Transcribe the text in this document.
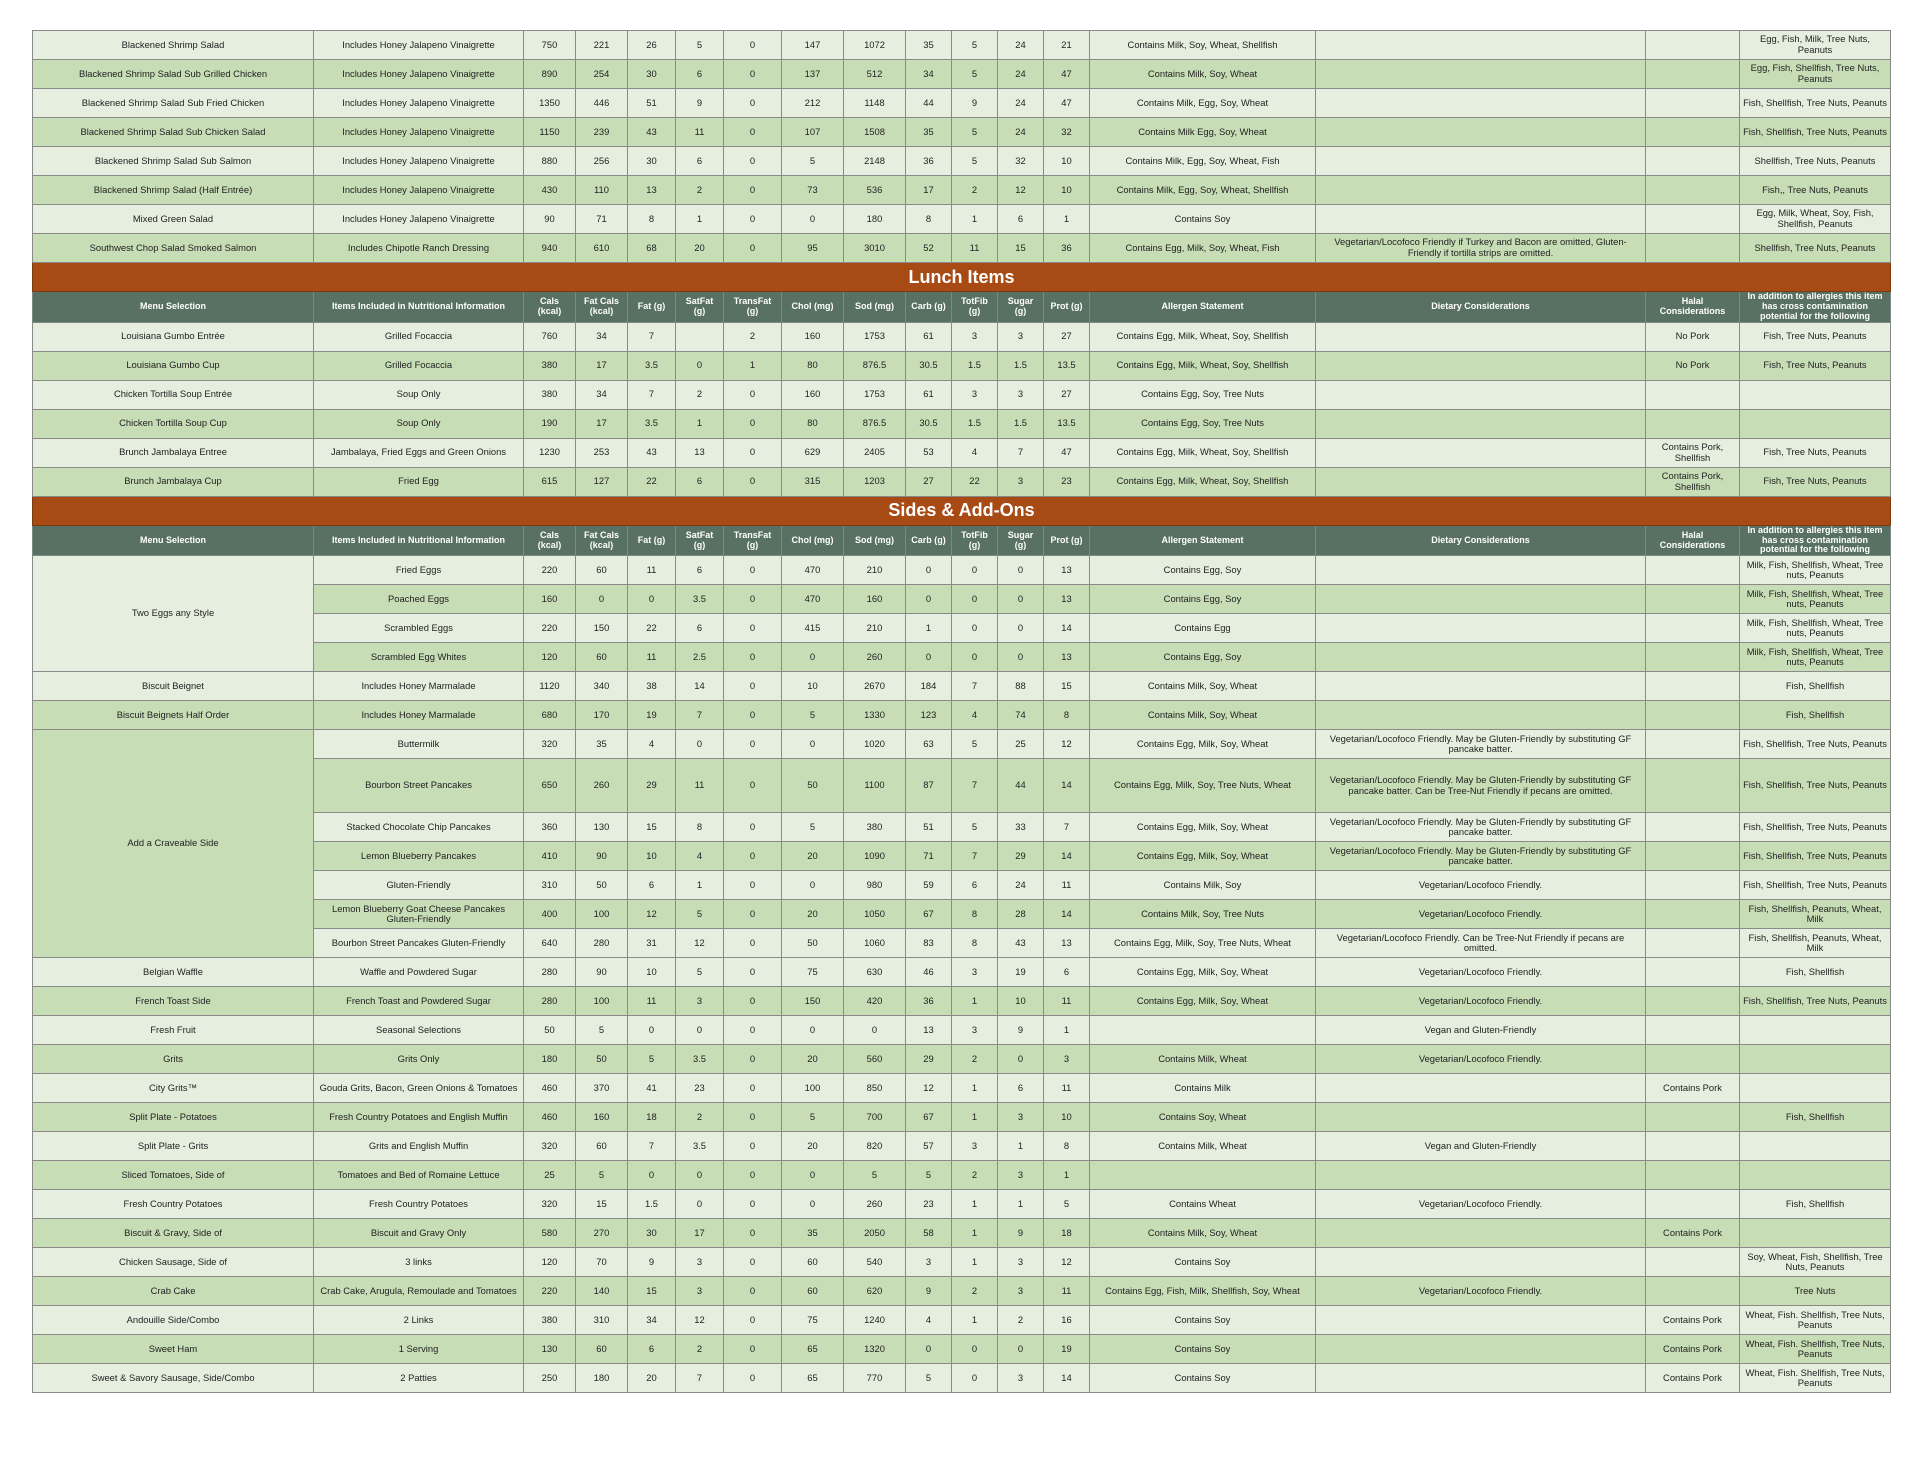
Blackened Shrimp Salad	Includes Honey Jalapeno Vinaigrette	750	221	26	5	0	147	1072	35	5	24	21	Contains Milk, Soy, Wheat, Shellfish			Egg, Fish, Milk, Tree Nuts, Peanuts
Blackened Shrimp Salad Sub Grilled Chicken	Includes Honey Jalapeno Vinaigrette	890	254	30	6	0	137	512	34	5	24	47	Contains Milk, Soy, Wheat			Egg, Fish, Shellfish, Tree Nuts, Peanuts
Blackened Shrimp Salad Sub Fried Chicken	Includes Honey Jalapeno Vinaigrette	1350	446	51	9	0	212	1148	44	9	24	47	Contains Milk, Egg, Soy, Wheat			Fish, Shellfish, Tree Nuts, Peanuts
Blackened Shrimp Salad Sub Chicken Salad	Includes Honey Jalapeno Vinaigrette	1150	239	43	11	0	107	1508	35	5	24	32	Contains Milk Egg, Soy, Wheat			Fish, Shellfish, Tree Nuts, Peanuts
Blackened Shrimp Salad Sub Salmon	Includes Honey Jalapeno Vinaigrette	880	256	30	6	0	5	2148	36	5	32	10	Contains Milk, Egg, Soy, Wheat, Fish			Shellfish, Tree Nuts, Peanuts
Blackened Shrimp Salad (Half Entrée)	Includes Honey Jalapeno Vinaigrette	430	110	13	2	0	73	536	17	2	12	10	Contains Milk, Egg, Soy, Wheat, Shellfish			Fish,, Tree Nuts, Peanuts
Mixed Green Salad	Includes Honey Jalapeno Vinaigrette	90	71	8	1	0	0	180	8	1	6	1	Contains Soy			Egg, Milk, Wheat, Soy, Fish, Shellfish, Peanuts
Southwest Chop Salad Smoked Salmon	Includes Chipotle Ranch Dressing	940	610	68	20	0	95	3010	52	11	15	36	Contains Egg, Milk, Soy, Wheat, Fish	Vegetarian/Locofoco Friendly if Turkey and Bacon are omitted, Gluten-Friendly if tortilla strips are omitted.		Shellfish, Tree Nuts, Peanuts
Lunch Items																
Menu Selection	Items Included in Nutritional Information	Cals (kcal)	Fat Cals (kcal)	Fat (g)	SatFat (g)	TransFat (g)	Chol (mg)	Sod (mg)	Carb (g)	TotFib (g)	Sugar (g)	Prot (g)	Allergen Statement	Dietary Considerations	Halal Considerations	In addition to allergies this item has cross contamination potential for the following
Louisiana Gumbo Entrée	Grilled Focaccia	760	34	7		2	160	1753	61	3	3	27	Contains Egg, Milk, Wheat, Soy, Shellfish		No Pork	Fish, Tree Nuts, Peanuts
Louisiana Gumbo Cup	Grilled Focaccia	380	17	3.5	0	1	80	876.5	30.5	1.5	1.5	13.5	Contains Egg, Milk, Wheat, Soy, Shellfish		No Pork	Fish, Tree Nuts, Peanuts
Chicken Tortilla Soup Entrée	Soup Only	380	34	7	2	0	160	1753	61	3	3	27	Contains Egg, Soy, Tree Nuts			
Chicken Tortilla Soup Cup	Soup Only	190	17	3.5	1	0	80	876.5	30.5	1.5	1.5	13.5	Contains Egg, Soy, Tree Nuts			
Brunch Jambalaya Entree	Jambalaya, Fried Eggs and Green Onions	1230	253	43	13	0	629	2405	53	4	7	47	Contains Egg, Milk, Wheat, Soy, Shellfish		Contains Pork, Shellfish	Fish, Tree Nuts, Peanuts
Brunch Jambalaya Cup	Fried Egg	615	127	22	6	0	315	1203	27	22	3	23	Contains Egg, Milk, Wheat, Soy, Shellfish		Contains Pork, Shellfish	Fish, Tree Nuts, Peanuts
Sides & Add-Ons																
Menu Selection	Items Included in Nutritional Information	Cals (kcal)	Fat Cals (kcal)	Fat (g)	SatFat (g)	TransFat (g)	Chol (mg)	Sod (mg)	Carb (g)	TotFib (g)	Sugar (g)	Prot (g)	Allergen Statement	Dietary Considerations	Halal Considerations	In addition to allergies this item has cross contamination potential for the following
Two Eggs any Style	Fried Eggs	220	60	11	6	0	470	210	0	0	0	13	Contains Egg, Soy			Milk, Fish, Shellfish, Wheat, Tree nuts, Peanuts
	Poached Eggs	160	0	0	3.5	0	470	160	0	0	0	13	Contains Egg, Soy			Milk, Fish, Shellfish, Wheat, Tree nuts, Peanuts
	Scrambled Eggs	220	150	22	6	0	415	210	1	0	0	14	Contains Egg			Milk, Fish, Shellfish, Wheat, Tree nuts, Peanuts
	Scrambled Egg Whites	120	60	11	2.5	0	0	260	0	0	0	13	Contains Egg, Soy			Milk, Fish, Shellfish, Wheat, Tree nuts, Peanuts
Biscuit Beignet	Includes Honey Marmalade	1120	340	38	14	0	10	2670	184	7	88	15	Contains Milk, Soy, Wheat			Fish, Shellfish
Biscuit Beignets Half Order	Includes Honey Marmalade	680	170	19	7	0	5	1330	123	4	74	8	Contains Milk, Soy, Wheat			Fish, Shellfish
Add a Craveable Side	Buttermilk	320	35	4	0	0	0	1020	63	5	25	12	Contains Egg, Milk, Soy, Wheat	Vegetarian/Locofoco Friendly. May be Gluten-Friendly by substituting GF pancake batter.		Fish, Shellfish, Tree Nuts, Peanuts
	Bourbon Street Pancakes	650	260	29	11	0	50	1100	87	7	44	14	Contains Egg, Milk, Soy, Tree Nuts, Wheat	Vegetarian/Locofoco Friendly. May be Gluten-Friendly by substituting GF pancake batter. Can be Tree-Nut Friendly if pecans are omitted.		Fish, Shellfish, Tree Nuts, Peanuts
	Stacked Chocolate Chip Pancakes	360	130	15	8	0	5	380	51	5	33	7	Contains Egg, Milk, Soy, Wheat	Vegetarian/Locofoco Friendly. May be Gluten-Friendly by substituting GF pancake batter.		Fish, Shellfish, Tree Nuts, Peanuts
	Lemon Blueberry Pancakes	410	90	10	4	0	20	1090	71	7	29	14	Contains Egg, Milk, Soy, Wheat	Vegetarian/Locofoco Friendly. May be Gluten-Friendly by substituting GF pancake batter.		Fish, Shellfish, Tree Nuts, Peanuts
	Gluten-Friendly	310	50	6	1	0	0	980	59	6	24	11	Contains Milk, Soy	Vegetarian/Locofoco Friendly.		Fish, Shellfish, Tree Nuts, Peanuts
	Lemon Blueberry Goat Cheese Pancakes Gluten-Friendly	400	100	12	5	0	20	1050	67	8	28	14	Contains Milk, Soy, Tree Nuts	Vegetarian/Locofoco Friendly.		Fish, Shellfish, Peanuts, Wheat, Milk
	Bourbon Street Pancakes Gluten-Friendly	640	280	31	12	0	50	1060	83	8	43	13	Contains Egg, Milk, Soy, Tree Nuts, Wheat	Vegetarian/Locofoco Friendly. Can be Tree-Nut Friendly if pecans are omitted.		Fish, Shellfish, Peanuts, Wheat, Milk
Belgian Waffle	Waffle and Powdered Sugar	280	90	10	5	0	75	630	46	3	19	6	Contains Egg, Milk, Soy, Wheat	Vegetarian/Locofoco Friendly.		Fish, Shellfish
French Toast Side	French Toast and Powdered Sugar	280	100	11	3	0	150	420	36	1	10	11	Contains Egg, Milk, Soy, Wheat	Vegetarian/Locofoco Friendly.		Fish, Shellfish, Tree Nuts, Peanuts
Fresh Fruit	Seasonal Selections	50	5	0	0	0	0	0	13	3	9	1		Vegan and Gluten-Friendly		
Grits	Grits Only	180	50	5	3.5	0	20	560	29	2	0	3	Contains Milk, Wheat	Vegetarian/Locofoco Friendly.		
City Grits™	Gouda Grits, Bacon, Green Onions & Tomatoes	460	370	41	23	0	100	850	12	1	6	11	Contains Milk		Contains Pork	
Split Plate - Potatoes	Fresh Country Potatoes and English Muffin	460	160	18	2	0	5	700	67	1	3	10	Contains Soy, Wheat			Fish, Shellfish
Split Plate - Grits	Grits and English Muffin	320	60	7	3.5	0	20	820	57	3	1	8	Contains Milk, Wheat	Vegan and Gluten-Friendly		
Sliced Tomatoes, Side of	Tomatoes and Bed of Romaine Lettuce	25	5	0	0	0	0	5	5	2	3	1				
Fresh Country Potatoes	Fresh Country Potatoes	320	15	1.5	0	0	0	260	23	1	1	5	Contains Wheat	Vegetarian/Locofoco Friendly.		Fish, Shellfish
Biscuit & Gravy, Side of	Biscuit and Gravy Only	580	270	30	17	0	35	2050	58	1	9	18	Contains Milk, Soy, Wheat		Contains Pork	
Chicken Sausage, Side of	3 links	120	70	9	3	0	60	540	3	1	3	12	Contains Soy			Soy, Wheat, Fish, Shellfish, Tree Nuts, Peanuts
Crab Cake	Crab Cake, Arugula, Remoulade and Tomatoes	220	140	15	3	0	60	620	9	2	3	11	Contains Egg, Fish, Milk, Shellfish, Soy, Wheat	Vegetarian/Locofoco Friendly.		Tree Nuts
Andouille Side/Combo	2 Links	380	310	34	12	0	75	1240	4	1	2	16	Contains Soy		Contains Pork	Wheat, Fish. Shellfish, Tree Nuts, Peanuts
Sweet Ham	1 Serving	130	60	6	2	0	65	1320	0	0	0	19	Contains Soy		Contains Pork	Wheat, Fish. Shellfish, Tree Nuts, Peanuts
Sweet & Savory Sausage, Side/Combo	2 Patties	250	180	20	7	0	65	770	5	0	3	14	Contains Soy		Contains Pork	Wheat, Fish. Shellfish, Tree Nuts, Peanuts
